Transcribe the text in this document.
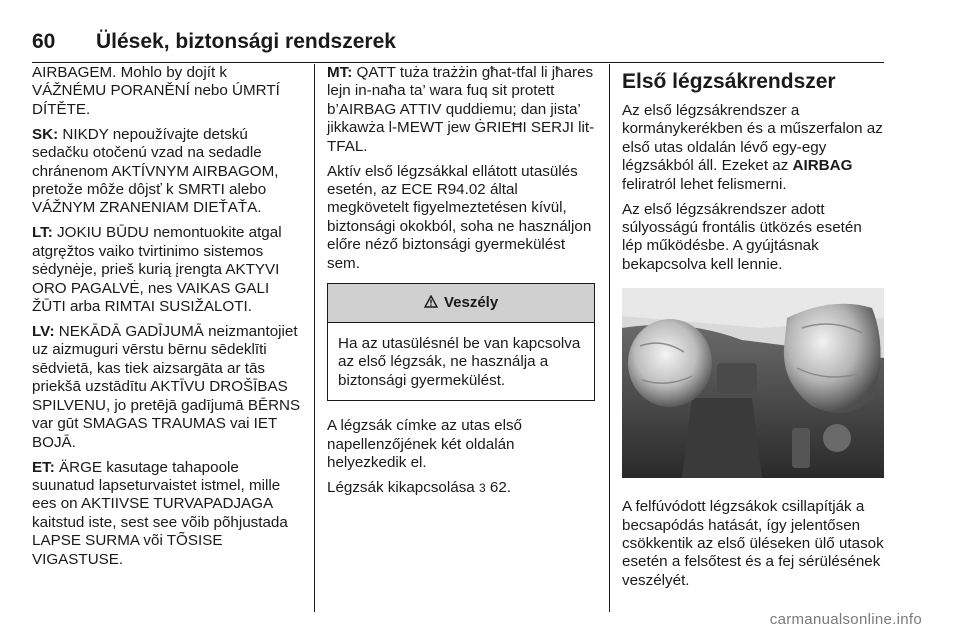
60 Ülések, biztonsági rendszerek

AIRBAGEM. Mohlo by dojít k VÁŽNÉMU PORANĚNÍ nebo ÚMRTÍ DÍTĚTE.

SK: NIKDY nepoužívajte detskú sedačku otočenú vzad na sedadle chránenom AKTÍVNYM AIRBAGOM, pretože môže dôjsť k SMRTI alebo VÁŽNYM ZRANENIAM DIEŤAŤA.

LT: JOKIU BŪDU nemontuokite atgal atgręžtos vaiko tvirtinimo sistemos sėdynėje, prieš kurią įrengta AKTYVI ORO PAGALVĖ, nes VAIKAS GALI ŽŪTI arba RIMTAI SUSIŽALOTI.

LV: NEKĀDĀ GADĪJUMĀ neizmantojiet uz aizmuguri vērstu bērnu sēdeklīti sēdvietā, kas tiek aizsargāta ar tās priekšā uzstādītu AKTĪVU DROŠĪBAS SPILVENU, jo pretējā gadījumā BĒRNS var gūt SMAGAS TRAUMAS vai IET BOJĀ.

ET: ÄRGE kasutage tahapoole suunatud lapseturvaistet istmel, mille ees on AKTIIVSE TURVAPADJAGA kaitstud iste, sest see võib põhjustada LAPSE SURMA või TÕSISE VIGASTUSE.

MT: QATT tuża trażżin għat-tfal li jħares lejn in-naħa ta’ wara fuq sit protett b’AIRBAG ATTIV quddiemu; dan jista’ jikkawża l-MEWT jew ĠRIEĦI SERJI lit-TFAL.

Aktív első légzsákkal ellátott utasülés esetén, az ECE R94.02 által megkövetelt figyelmeztetésen kívül, biztonsági okokból, soha ne használjon előre néző biztonsági gyermekülést sem.

Veszély
Ha az utasülésnél be van kapcsolva az első légzsák, ne használja a biztonsági gyermekülést.

A légzsák címke az utas első napellenzőjének két oldalán helyezkedik el.

Légzsák kikapcsolása 3 62.

Első légzsákrendszer

Az első légzsákrendszer a kormánykerékben és a műszerfalon az első utas oldalán lévő egy-egy légzsákból áll. Ezeket az AIRBAG feliratról lehet felismerni.

Az első légzsákrendszer adott súlyosságú frontális ütközés esetén lép működésbe. A gyújtásnak bekapcsolva kell lennie.

A felfúvódott légzsákok csillapítják a becsapódás hatását, így jelentősen csökkentik az első üléseken ülő utasok esetén a felsőtest és a fej sérülésének veszélyét.

carmanualsonline.info
